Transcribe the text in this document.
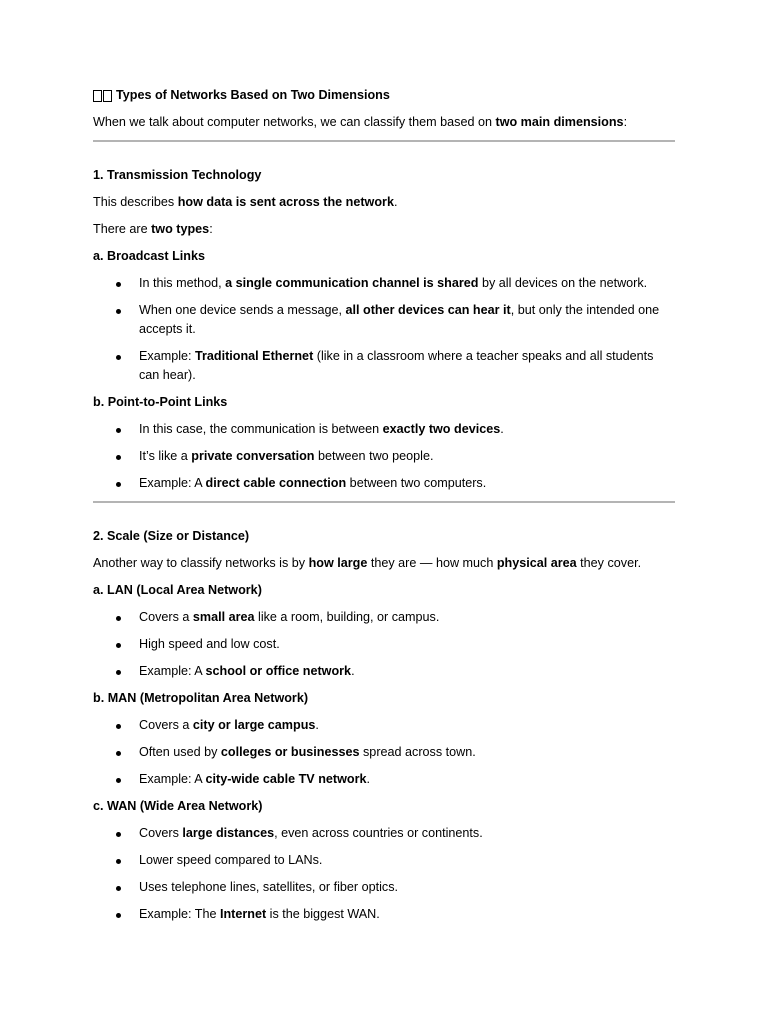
Types of Networks Based on Two Dimensions

When we talk about computer networks, we can classify them based on two main dimensions:

1. Transmission Technology

This describes how data is sent across the network.

There are two types:

a. Broadcast Links
In this method, a single communication channel is shared by all devices on the network.
When one device sends a message, all other devices can hear it, but only the intended one accepts it.
Example: Traditional Ethernet (like in a classroom where a teacher speaks and all students can hear).
b. Point-to-Point Links
In this case, the communication is between exactly two devices.
It’s like a private conversation between two people.
Example: A direct cable connection between two computers.
2. Scale (Size or Distance)

Another way to classify networks is by how large they are — how much physical area they cover.

a. LAN (Local Area Network)
Covers a small area like a room, building, or campus.
High speed and low cost.
Example: A school or office network.
b. MAN (Metropolitan Area Network)
Covers a city or large campus.
Often used by colleges or businesses spread across town.
Example: A city-wide cable TV network.
c. WAN (Wide Area Network)
Covers large distances, even across countries or continents.
Lower speed compared to LANs.
Uses telephone lines, satellites, or fiber optics.
Example: The Internet is the biggest WAN.
